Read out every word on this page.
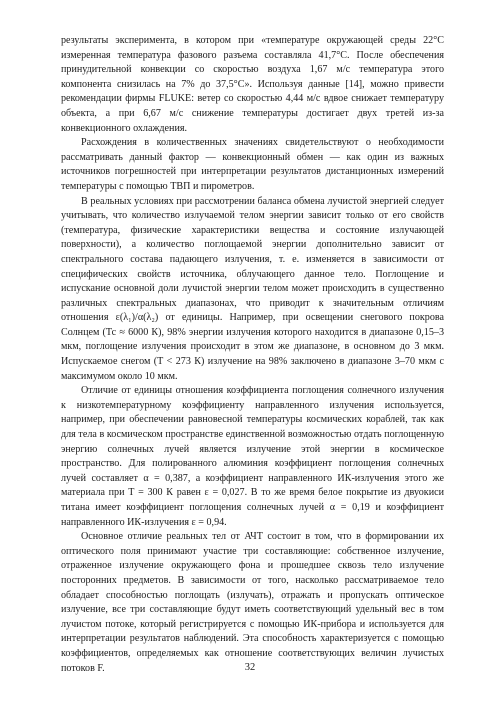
результаты эксперимента, в котором при «температуре окружающей среды 22°С измеренная температура фазового разъема составляла 41,7°С. После обеспечения принудительной конвекции со скоростью воздуха 1,67 м/с температура этого компонента снизилась на 7% до 37,5°С». Используя данные [14], можно привести рекомендации фирмы FLUKE: ветер со скоростью 4,44 м/с вдвое снижает температуру объекта, а при 6,67 м/с снижение температуры достигает двух третей из-за конвекционного охлаждения.

Расхождения в количественных значениях свидетельствуют о необходимости рассматривать данный фактор — конвекционный обмен — как один из важных источников погрешностей при интерпретации результатов дистанционных измерений температуры с помощью ТВП и пирометров.

В реальных условиях при рассмотрении баланса обмена лучистой энергией следует учитывать, что количество излучаемой телом энергии зависит только от его свойств (температура, физические характеристики вещества и состояние излучающей поверхности), а количество поглощаемой энергии дополнительно зависит от спектрального состава падающего излучения, т. е. изменяется в зависимости от специфических свойств источника, облучающего данное тело. Поглощение и испускание основной доли лучистой энергии телом может происходить в существенно различных спектральных диапазонах, что приводит к значительным отличиям отношения ε(λ₁)/α(λ₂) от единицы. Например, при освещении снегового покрова Солнцем (Тс ≈ 6000 К), 98% энергии излучения которого находится в диапазоне 0,15–3 мкм, поглощение излучения происходит в этом же диапазоне, в основном до 3 мкм. Испускаемое снегом (Т < 273 К) излучение на 98% заключено в диапазоне 3–70 мкм с максимумом около 10 мкм.

Отличие от единицы отношения коэффициента поглощения солнечного излучения к низкотемпературному коэффициенту направленного излучения используется, например, при обеспечении равновесной температуры космических кораблей, так как для тела в космическом пространстве единственной возможностью отдать поглощенную энергию солнечных лучей является излучение этой энергии в космическое пространство. Для полированного алюминия коэффициент поглощения солнечных лучей составляет α = 0,387, а коэффициент направленного ИК-излучения этого же материала при Т = 300 К равен ε = 0,027. В то же время белое покрытие из двуокиси титана имеет коэффициент поглощения солнечных лучей α = 0,19 и коэффициент направленного ИК-излучения ε = 0,94.

Основное отличие реальных тел от АЧТ состоит в том, что в формировании их оптического поля принимают участие три составляющие: собственное излучение, отраженное излучение окружающего фона и прошедшее сквозь тело излучение посторонних предметов. В зависимости от того, насколько рассматриваемое тело обладает способностью поглощать (излучать), отражать и пропускать оптическое излучение, все три составляющие будут иметь соответствующий удельный вес в том лучистом потоке, который регистрируется с помощью ИК-прибора и используется для интерпретации результатов наблюдений. Эта способность характеризуется с помощью коэффициентов, определяемых как отношение соответствующих величин лучистых потоков F.	32
